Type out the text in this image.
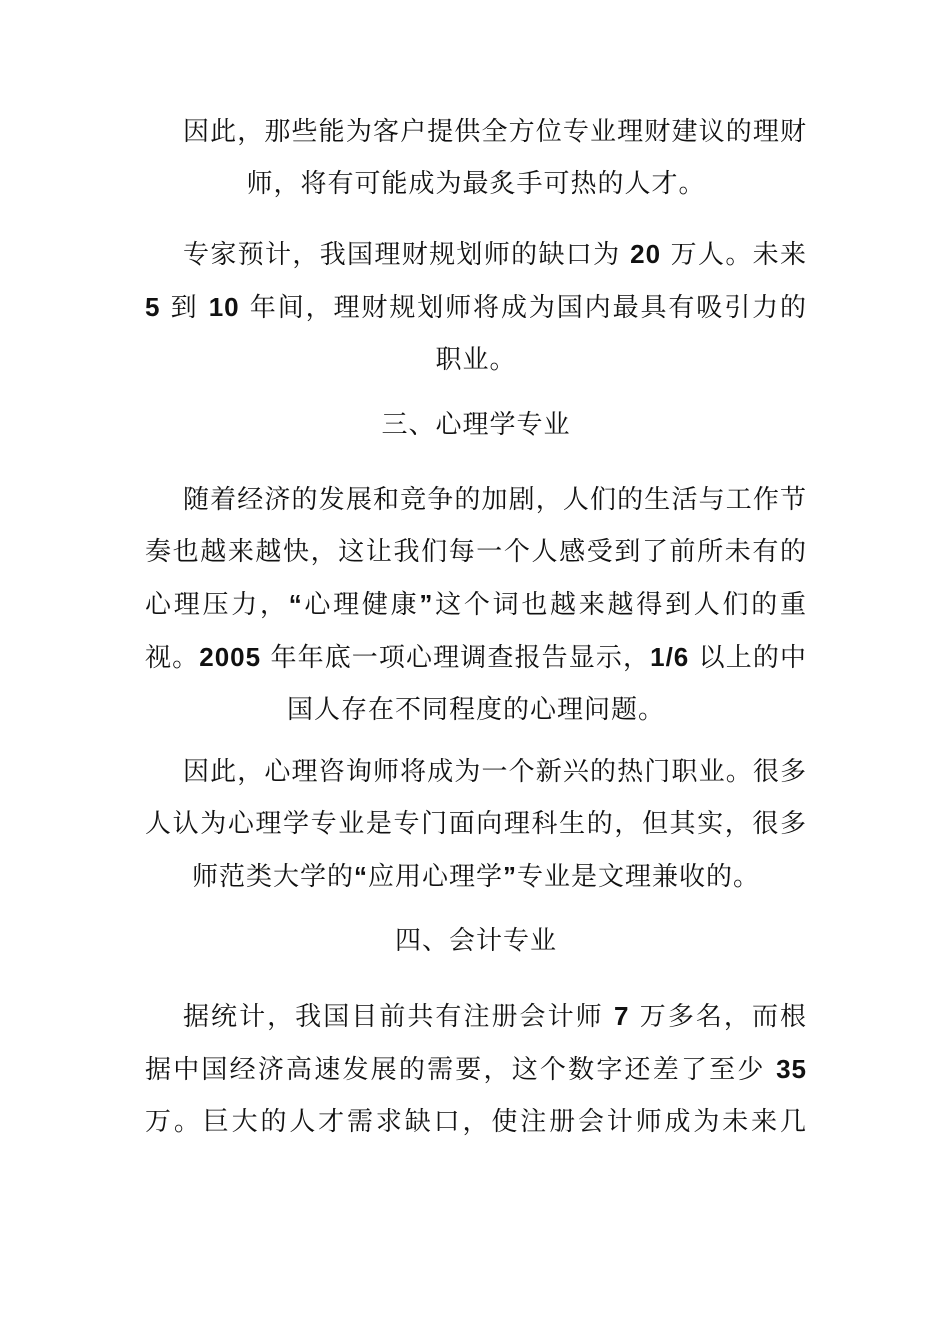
因此，那些能为客户提供全方位专业理财建议的理财师，将有可能成为最炙手可热的人才。

专家预计，我国理财规划师的缺口为 20 万人。未来 5 到 10 年间，理财规划师将成为国内最具有吸引力的职业。

三、心理学专业

随着经济的发展和竞争的加剧，人们的生活与工作节奏也越来越快，这让我们每一个人感受到了前所未有的心理压力，“心理健康”这个词也越来越得到人们的重视。2005 年年底一项心理调查报告显示，1/6 以上的中国人存在不同程度的心理问题。

因此，心理咨询师将成为一个新兴的热门职业。很多人认为心理学专业是专门面向理科生的，但其实，很多师范类大学的“应用心理学”专业是文理兼收的。

四、会计专业

据统计，我国目前共有注册会计师 7 万多名，而根据中国经济高速发展的需要，这个数字还差了至少 35 万。巨大的人才需求缺口，使注册会计师成为未来几
